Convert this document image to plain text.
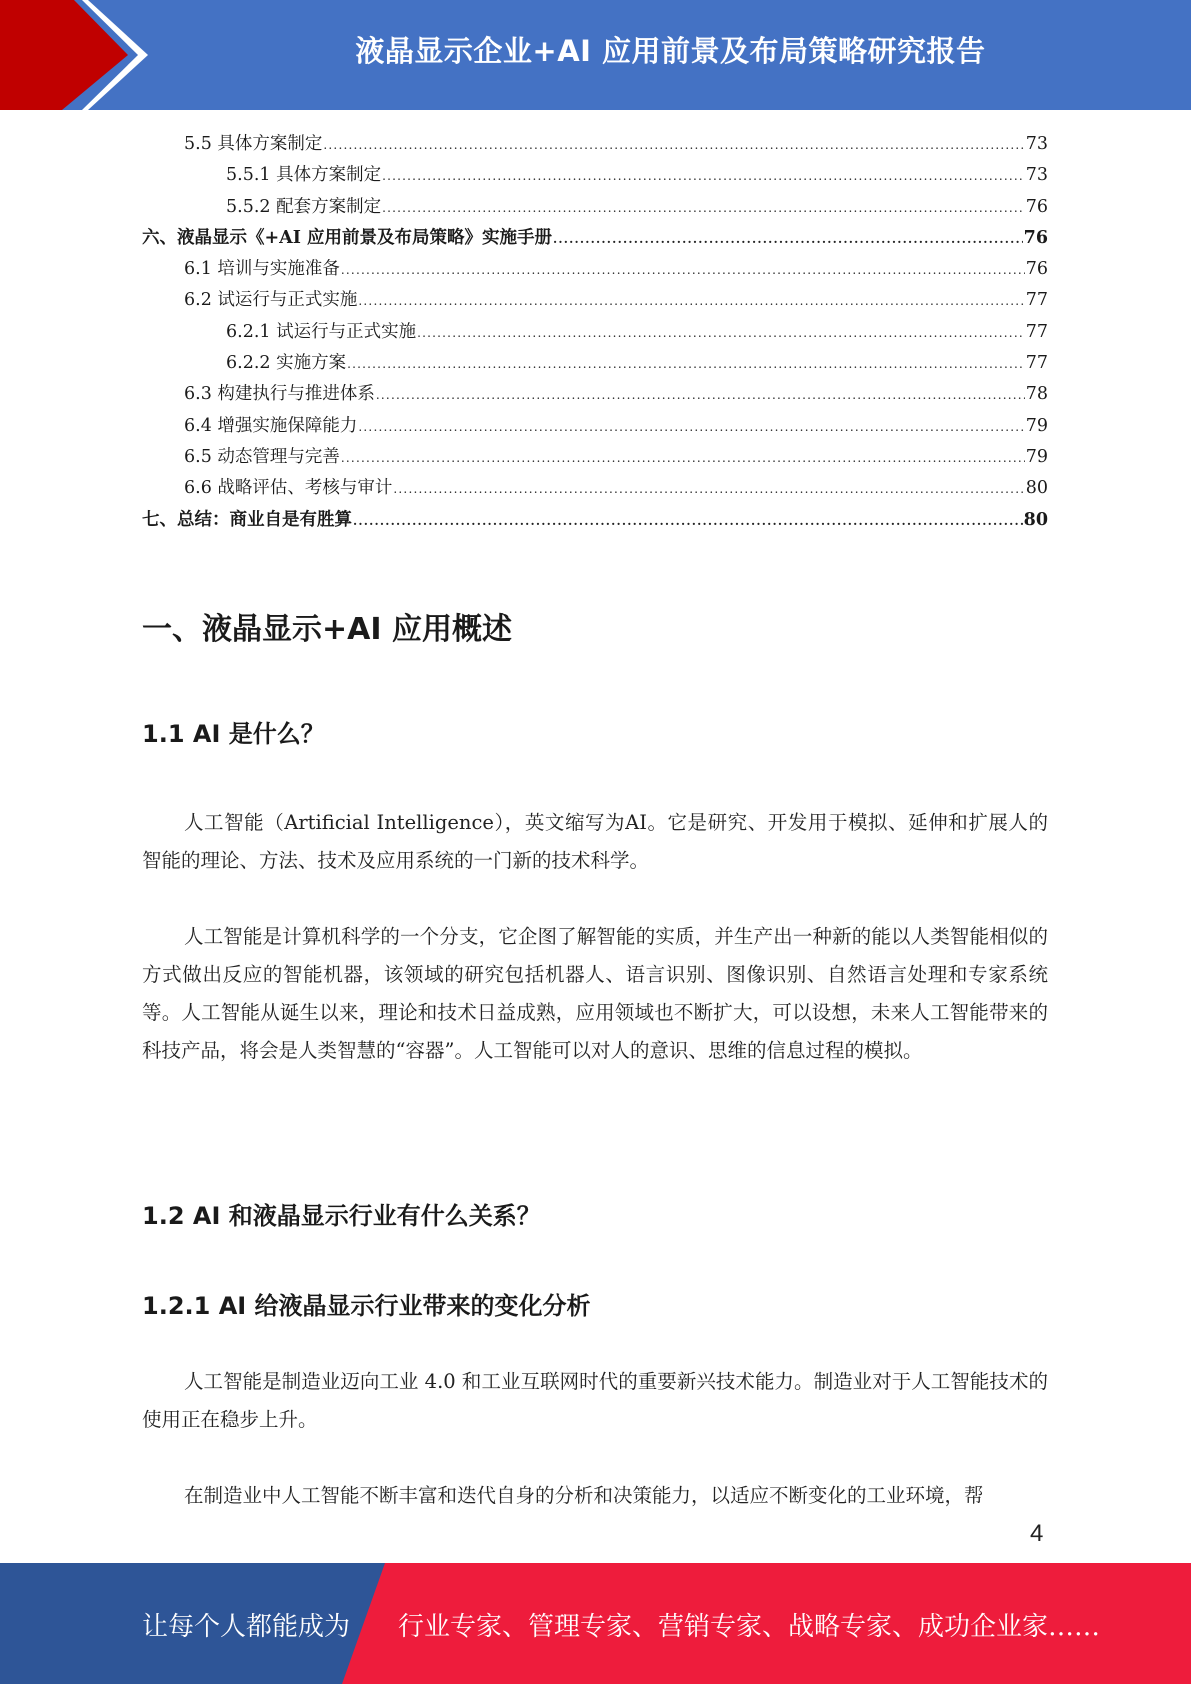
液晶显示企业+AI 应用前景及布局策略研究报告
5.5 具体方案制定 .....	73
5.5.1 具体方案制定 .....	73
5.5.2 配套方案制定 .....	76
六、液晶显示《+AI 应用前景及布局策略》实施手册 .....	76
6.1 培训与实施准备 .....	76
6.2 试运行与正式实施 .....	77
6.2.1 试运行与正式实施 .....	77
6.2.2 实施方案 .....	77
6.3 构建执行与推进体系 .....	78
6.4 增强实施保障能力 .....	79
6.5 动态管理与完善 .....	79
6.6 战略评估、考核与审计 .....	80
七、总结：商业自是有胜算 .....	80
一、液晶显示+AI 应用概述
1.1 AI 是什么？

人工智能（Artificial Intelligence），英文缩写为AI。它是研究、开发用于模拟、延伸和扩展人的智能的理论、方法、技术及应用系统的一门新的技术科学。

人工智能是计算机科学的一个分支，它企图了解智能的实质，并生产出一种新的能以人类智能相似的方式做出反应的智能机器，该领域的研究包括机器人、语言识别、图像识别、自然语言处理和专家系统等。人工智能从诞生以来，理论和技术日益成熟，应用领域也不断扩大，可以设想，未来人工智能带来的科技产品，将会是人类智慧的“容器”。人工智能可以对人的意识、思维的信息过程的模拟。

1.2 AI 和液晶显示行业有什么关系？
1.2.1 AI 给液晶显示行业带来的变化分析

人工智能是制造业迈向工业 4.0 和工业互联网时代的重要新兴技术能力。制造业对于人工智能技术的使用正在稳步上升。

在制造业中人工智能不断丰富和迭代自身的分析和决策能力，以适应不断变化的工业环境，帮

4
让每个人都能成为 行业专家、管理专家、营销专家、战略专家、成功企业家……
